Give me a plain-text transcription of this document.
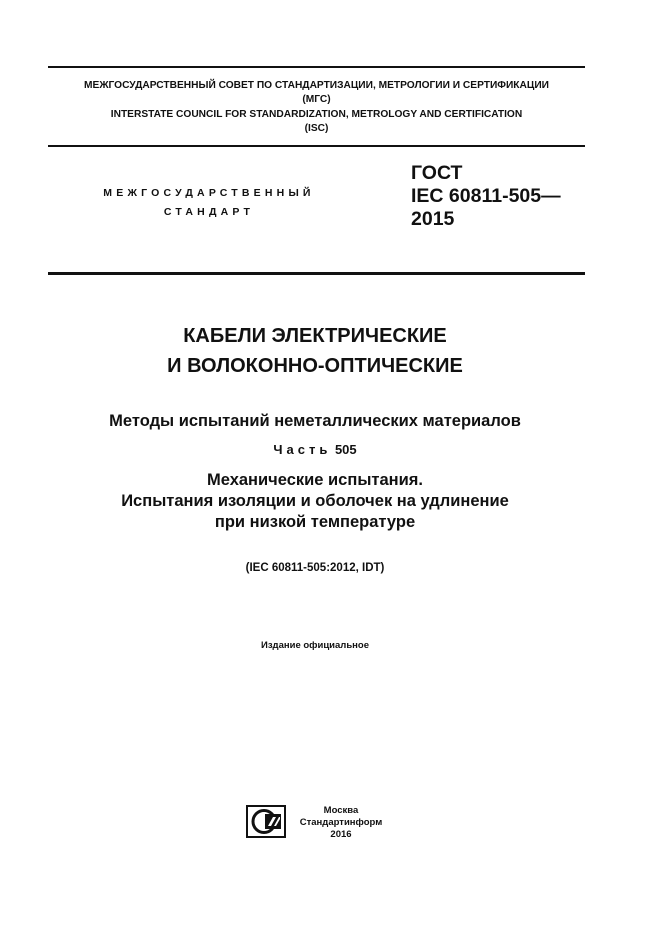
МЕЖГОСУДАРСТВЕННЫЙ СОВЕТ ПО СТАНДАРТИЗАЦИИ, МЕТРОЛОГИИ И СЕРТИФИКАЦИИ
(МГС)
INTERSTATE COUNCIL FOR STANDARDIZATION, METROLOGY AND CERTIFICATION
(ISC)
МЕЖГОСУДАРСТВЕННЫЙ
СТАНДАРТ
ГОСТ
IEC 60811-505—
2015
КАБЕЛИ ЭЛЕКТРИЧЕСКИЕ
И ВОЛОКОННО-ОПТИЧЕСКИЕ
Методы испытаний неметаллических материалов
Часть 505
Механические испытания.
Испытания изоляции и оболочек на удлинение
при низкой температуре
(IEC 60811-505:2012, IDT)
Издание официальное
Москва
Стандартинформ
2016
